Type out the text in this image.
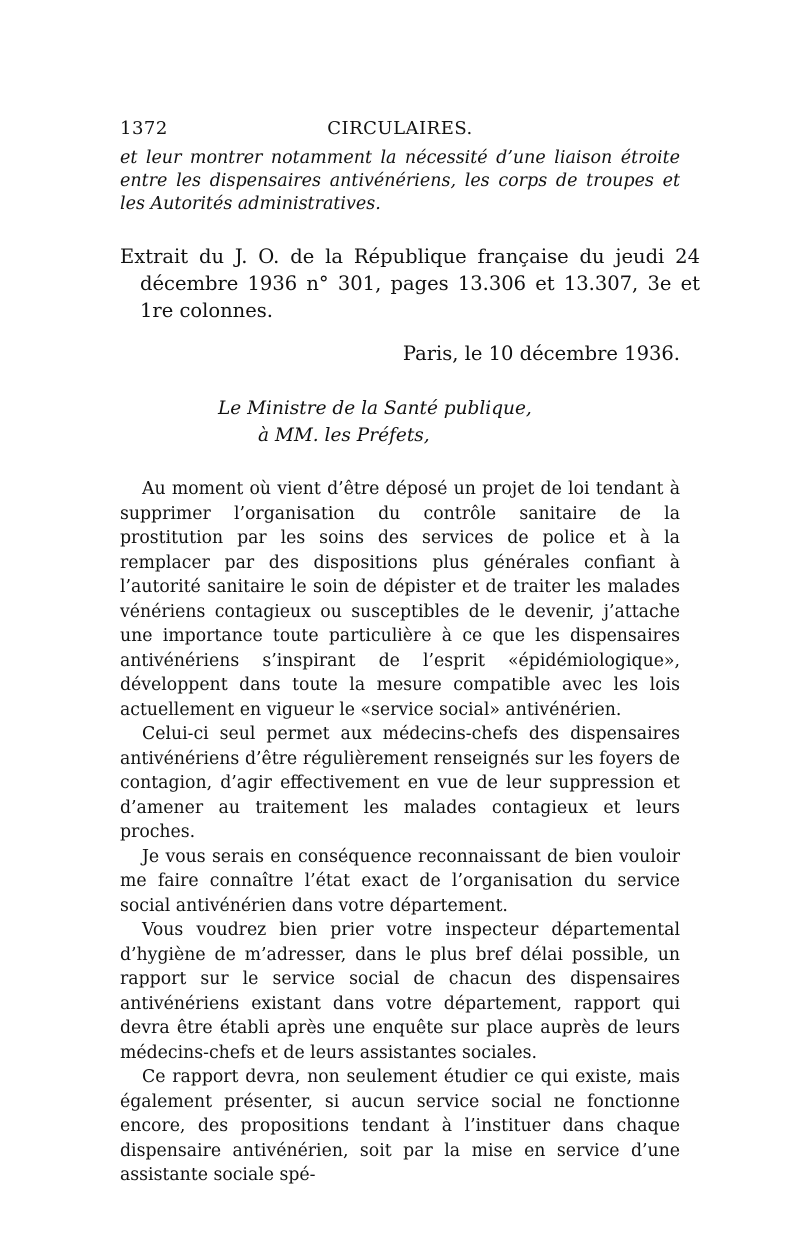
1372	CIRCULAIRES.
et leur montrer notamment la nécessité d’une liaison étroite entre les dispensaires antivénériens, les corps de troupes et les Autorités administratives.
Extrait du J. O. de la République française du jeudi 24 décembre 1936 n° 301, pages 13.306 et 13.307, 3e et 1re colonnes.
Paris, le 10 décembre 1936.
Le Ministre de la Santé publique,
à MM. les Préfets,

Au moment où vient d’être déposé un projet de loi tendant à supprimer l’organisation du contrôle sanitaire de la prostitution par les soins des services de police et à la remplacer par des dispositions plus générales confiant à l’autorité sanitaire le soin de dépister et de traiter les malades vénériens contagieux ou susceptibles de le devenir, j’attache une importance toute particulière à ce que les dispensaires antivénériens s’inspirant de l’esprit «épidémiologique», développent dans toute la mesure compatible avec les lois actuellement en vigueur le «service social» antivénérien.

Celui-ci seul permet aux médecins-chefs des dispensaires antivénériens d’être régulièrement renseignés sur les foyers de contagion, d’agir effectivement en vue de leur suppression et d’amener au traitement les malades contagieux et leurs proches.

Je vous serais en conséquence reconnaissant de bien vouloir me faire connaître l’état exact de l’organisation du service social antivénérien dans votre département.

Vous voudrez bien prier votre inspecteur départemental d’hygiène de m’adresser, dans le plus bref délai possible, un rapport sur le service social de chacun des dispensaires antivénériens existant dans votre département, rapport qui devra être établi après une enquête sur place auprès de leurs médecins-chefs et de leurs assistantes sociales.

Ce rapport devra, non seulement étudier ce qui existe, mais également présenter, si aucun service social ne fonctionne encore, des propositions tendant à l’instituer dans chaque dispensaire antivénérien, soit par la mise en service d’une assistante sociale spé-
